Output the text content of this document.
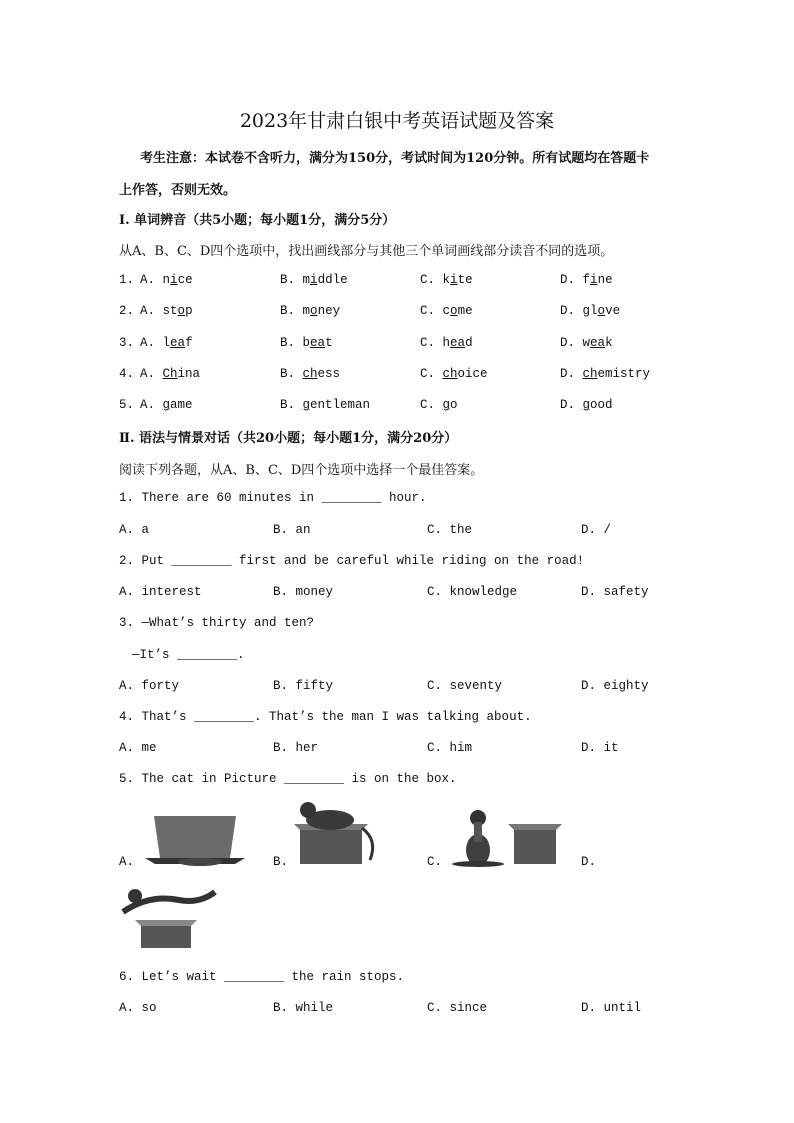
2023年甘肃白银中考英语试题及答案
考生注意：本试卷不含听力，满分为150分，考试时间为120分钟。所有试题均在答题卡
上作答，否则无效。
Ⅰ. 单词辨音（共5小题；每小题1分，满分5分）
从A、B、C、D四个选项中，找出画线部分与其他三个单词画线部分读音不同的选项。
1. A. nice	B. middle	C. kite	D. fine
2. A. stop	B. money	C. come	D. glove
3. A. leaf	B. beat	C. head	D. weak
4. A. China	B. chess	C. choice	D. chemistry
5. A. game	B. gentleman	C. go	D. good
Ⅱ. 语法与情景对话（共20小题；每小题1分，满分20分）
阅读下列各题，从A、B、C、D四个选项中选择一个最佳答案。
1. There are 60 minutes in ________ hour.
A. a	B. an	C. the	D. /
2. Put ________ first and be careful while riding on the road!
A. interest	B. money	C. knowledge	D. safety
3. —What’s thirty and ten?
—It’s ________.
A. forty	B. fifty	C. seventy	D. eighty
4. That’s ________. That’s the man I was talking about.
A. me	B. her	C. him	D. it
5. The cat in Picture ________ is on the box.
A.	B.	C.	D.
6. Let’s wait ________ the rain stops.
A. so	B. while	C. since	D. until
